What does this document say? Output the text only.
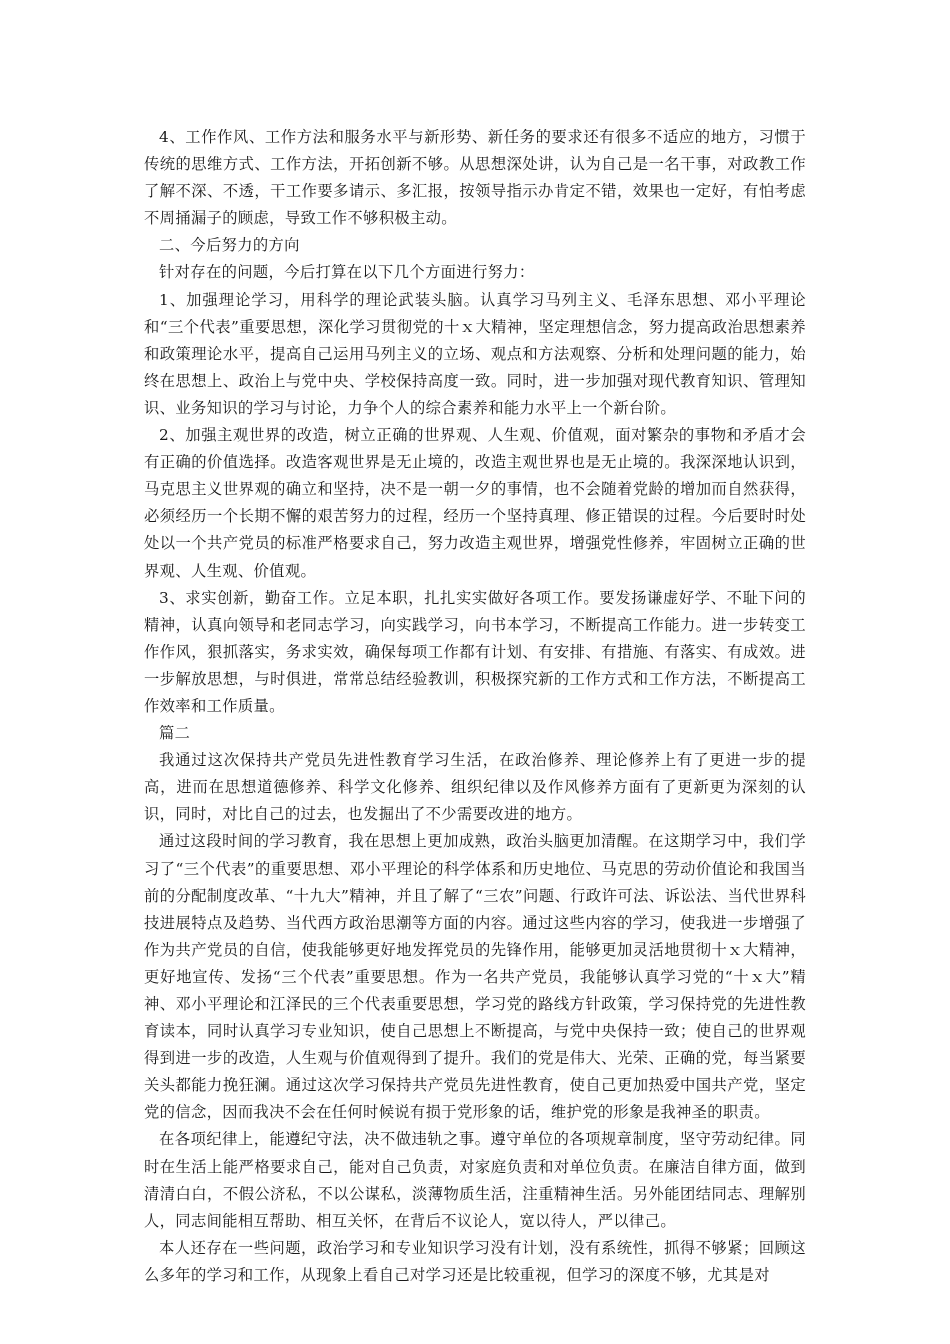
4、工作作风、工作方法和服务水平与新形势、新任务的要求还有很多不适应的地方，习惯于传统的思维方式、工作方法，开拓创新不够。从思想深处讲，认为自己是一名干事，对政教工作了解不深、不透，干工作要多请示、多汇报，按领导指示办肯定不错，效果也一定好，有怕考虑不周捅漏子的顾虑，导致工作不够积极主动。

二、今后努力的方向

针对存在的问题，今后打算在以下几个方面进行努力：

1、加强理论学习，用科学的理论武装头脑。认真学习马列主义、毛泽东思想、邓小平理论和“三个代表”重要思想，深化学习贯彻党的十ｘ大精神，坚定理想信念，努力提高政治思想素养和政策理论水平，提高自己运用马列主义的立场、观点和方法观察、分析和处理问题的能力，始终在思想上、政治上与党中央、学校保持高度一致。同时，进一步加强对现代教育知识、管理知识、业务知识的学习与讨论，力争个人的综合素养和能力水平上一个新台阶。

2、加强主观世界的改造，树立正确的世界观、人生观、价值观，面对繁杂的事物和矛盾才会有正确的价值选择。改造客观世界是无止境的，改造主观世界也是无止境的。我深深地认识到，马克思主义世界观的确立和坚持，决不是一朝一夕的事情，也不会随着党龄的增加而自然获得，必须经历一个长期不懈的艰苦努力的过程，经历一个坚持真理、修正错误的过程。今后要时时处处以一个共产党员的标准严格要求自己，努力改造主观世界，增强党性修养，牢固树立正确的世界观、人生观、价值观。

3、求实创新，勤奋工作。立足本职，扎扎实实做好各项工作。要发扬谦虚好学、不耻下问的精神，认真向领导和老同志学习，向实践学习，向书本学习，不断提高工作能力。进一步转变工作作风，狠抓落实，务求实效，确保每项工作都有计划、有安排、有措施、有落实、有成效。进一步解放思想，与时俱进，常常总结经验教训，积极探究新的工作方式和工作方法，不断提高工作效率和工作质量。

篇二

我通过这次保持共产党员先进性教育学习生活，在政治修养、理论修养上有了更进一步的提高，进而在思想道德修养、科学文化修养、组织纪律以及作风修养方面有了更新更为深刻的认识，同时，对比自己的过去，也发掘出了不少需要改进的地方。

通过这段时间的学习教育，我在思想上更加成熟，政治头脑更加清醒。在这期学习中，我们学习了“三个代表”的重要思想、邓小平理论的科学体系和历史地位、马克思的劳动价值论和我国当前的分配制度改革、“十九大”精神，并且了解了“三农”问题、行政许可法、诉讼法、当代世界科技进展特点及趋势、当代西方政治思潮等方面的内容。通过这些内容的学习，使我进一步增强了作为共产党员的自信，使我能够更好地发挥党员的先锋作用，能够更加灵活地贯彻十ｘ大精神，更好地宣传、发扬“三个代表”重要思想。作为一名共产党员，我能够认真学习党的“十ｘ大”精神、邓小平理论和江泽民的三个代表重要思想，学习党的路线方针政策，学习保持党的先进性教育读本，同时认真学习专业知识，使自己思想上不断提高，与党中央保持一致；使自己的世界观得到进一步的改造，人生观与价值观得到了提升。我们的党是伟大、光荣、正确的党，每当紧要关头都能力挽狂澜。通过这次学习保持共产党员先进性教育，使自己更加热爱中国共产党，坚定党的信念，因而我决不会在任何时候说有损于党形象的话，维护党的形象是我神圣的职责。

在各项纪律上，能遵纪守法，决不做违轨之事。遵守单位的各项规章制度，坚守劳动纪律。同时在生活上能严格要求自己，能对自己负责，对家庭负责和对单位负责。在廉洁自律方面，做到清清白白，不假公济私，不以公谋私，淡薄物质生活，注重精神生活。另外能团结同志、理解别人，同志间能相互帮助、相互关怀，在背后不议论人，宽以待人，严以律己。

本人还存在一些问题，政治学习和专业知识学习没有计划，没有系统性，抓得不够紧；回顾这么多年的学习和工作，从现象上看自己对学习还是比较重视，但学习的深度不够，尤其是对
